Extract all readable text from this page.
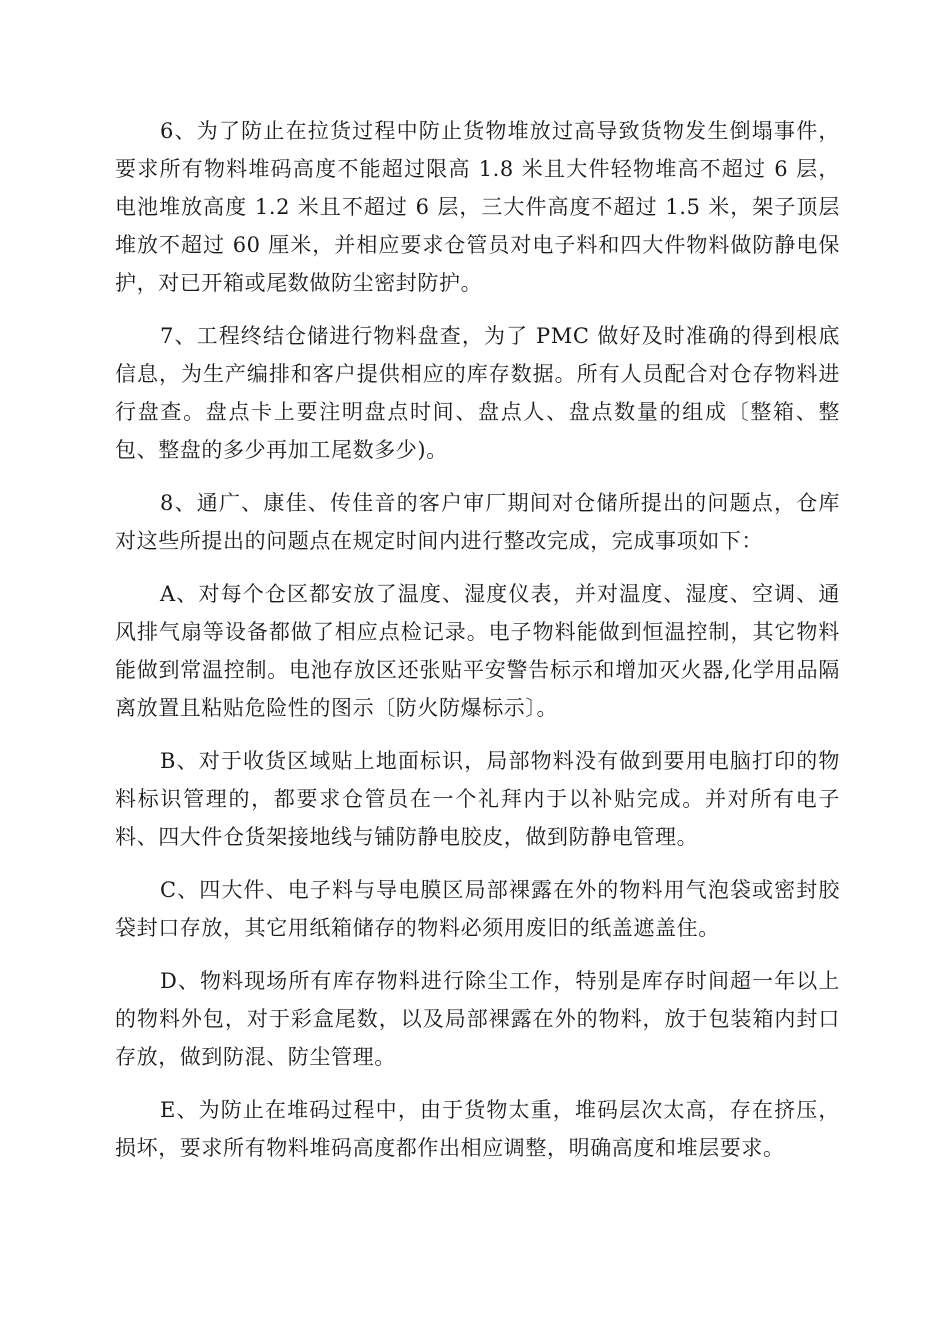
6、为了防止在拉货过程中防止货物堆放过高导致货物发生倒塌事件，要求所有物料堆码高度不能超过限高 1.8 米且大件轻物堆高不超过 6 层，电池堆放高度 1.2 米且不超过 6 层，三大件高度不超过 1.5 米，架子顶层堆放不超过 60 厘米，并相应要求仓管员对电子料和四大件物料做防静电保护，对已开箱或尾数做防尘密封防护。

7、工程终结仓储进行物料盘查，为了 PMC 做好及时准确的得到根底信息，为生产编排和客户提供相应的库存数据。所有人员配合对仓存物料进行盘查。盘点卡上要注明盘点时间、盘点人、盘点数量的组成〔整箱、整包、整盘的多少再加工尾数多少)。

8、通广、康佳、传佳音的客户审厂期间对仓储所提出的问题点，仓库对这些所提出的问题点在规定时间内进行整改完成，完成事项如下：

A、对每个仓区都安放了温度、湿度仪表，并对温度、湿度、空调、通风排气扇等设备都做了相应点检记录。电子物料能做到恒温控制，其它物料能做到常温控制。电池存放区还张贴平安警告标示和增加灭火器,化学用品隔离放置且粘贴危险性的图示〔防火防爆标示〕。

B、对于收货区域贴上地面标识，局部物料没有做到要用电脑打印的物料标识管理的，都要求仓管员在一个礼拜内于以补贴完成。并对所有电子料、四大件仓货架接地线与铺防静电胶皮，做到防静电管理。

C、四大件、电子料与导电膜区局部裸露在外的物料用气泡袋或密封胶袋封口存放，其它用纸箱储存的物料必须用废旧的纸盖遮盖住。

D、物料现场所有库存物料进行除尘工作，特别是库存时间超一年以上的物料外包，对于彩盒尾数，以及局部裸露在外的物料，放于包装箱内封口存放，做到防混、防尘管理。

E、为防止在堆码过程中，由于货物太重，堆码层次太高，存在挤压，损坏，要求所有物料堆码高度都作出相应调整，明确高度和堆层要求。
